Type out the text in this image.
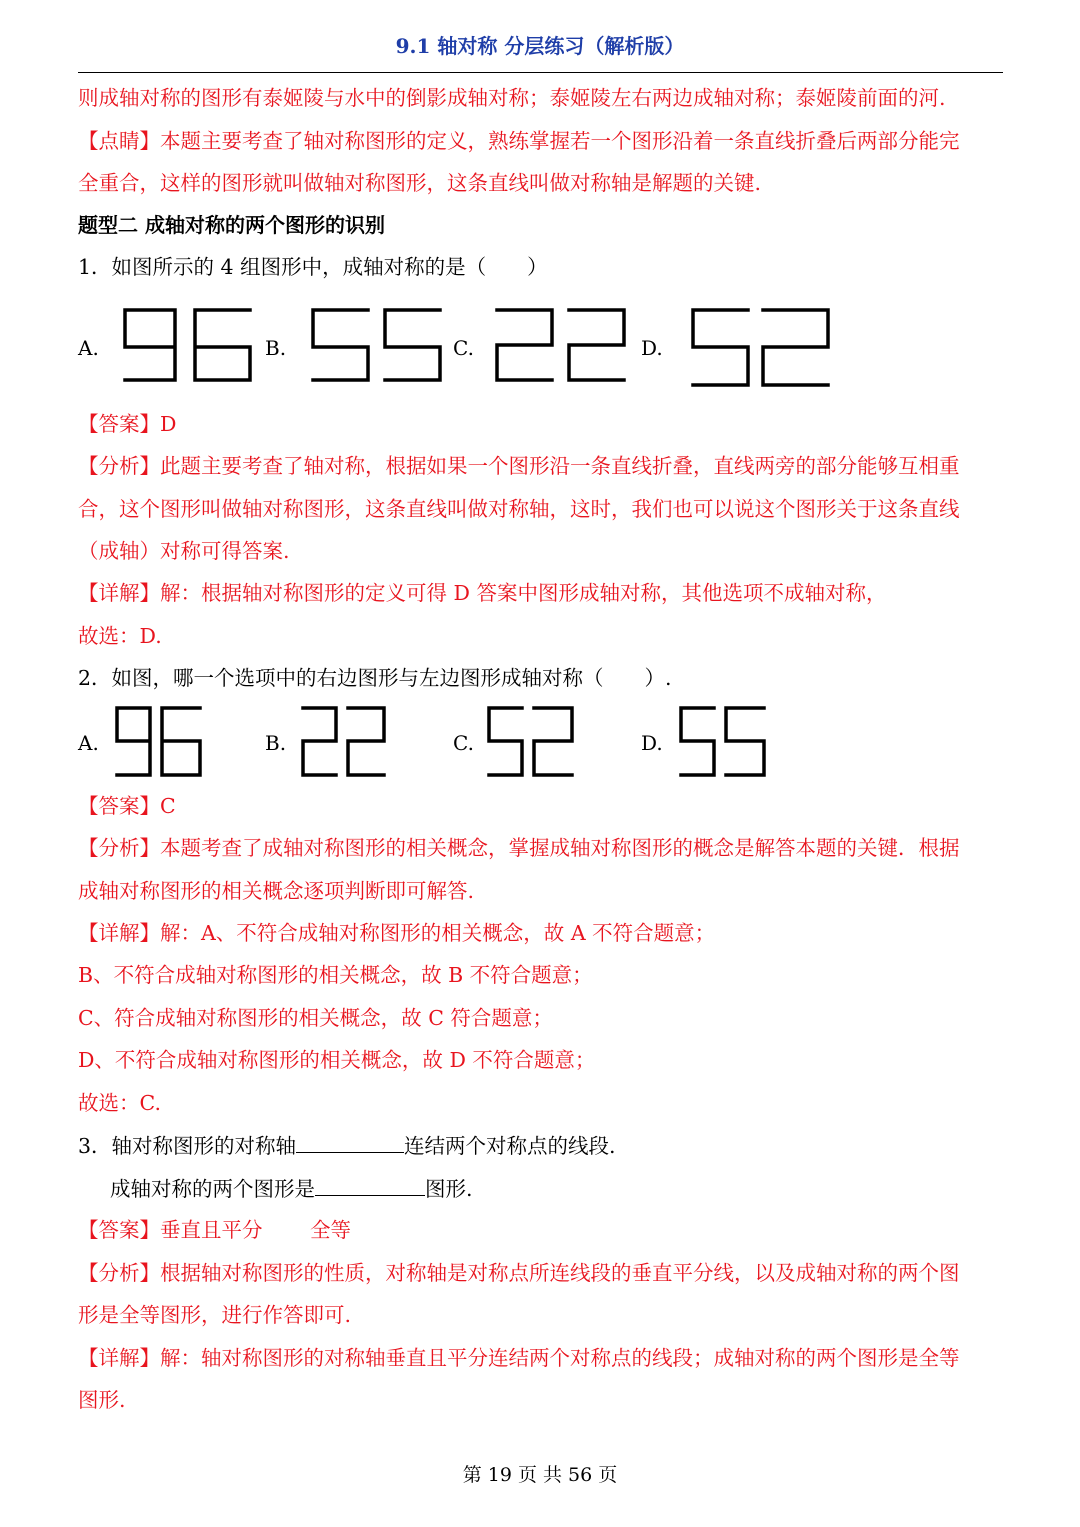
9.1 轴对称 分层练习（解析版）
则成轴对称的图形有泰姬陵与水中的倒影成轴对称；泰姬陵左右两边成轴对称；泰姬陵前面的河.
【点睛】本题主要考查了轴对称图形的定义，熟练掌握若一个图形沿着一条直线折叠后两部分能完
全重合，这样的图形就叫做轴对称图形，这条直线叫做对称轴是解题的关键.
题型二 成轴对称的两个图形的识别
1．如图所示的 4 组图形中，成轴对称的是（　　）
A.	B.	C.	D.
【答案】D
【分析】此题主要考查了轴对称，根据如果一个图形沿一条直线折叠，直线两旁的部分能够互相重
合，这个图形叫做轴对称图形，这条直线叫做对称轴，这时，我们也可以说这个图形关于这条直线
（成轴）对称可得答案.
【详解】解：根据轴对称图形的定义可得 D 答案中图形成轴对称，其他选项不成轴对称，
故选：D.
2．如图，哪一个选项中的右边图形与左边图形成轴对称（　　）.
A.	B.	C.	D.
【答案】C
【分析】本题考查了成轴对称图形的相关概念，掌握成轴对称图形的概念是解答本题的关键．根据
成轴对称图形的相关概念逐项判断即可解答.
【详解】解：A、不符合成轴对称图形的相关概念，故 A 不符合题意；
B、不符合成轴对称图形的相关概念，故 B 不符合题意；
C、符合成轴对称图形的相关概念，故 C 符合题意；
D、不符合成轴对称图形的相关概念，故 D 不符合题意；
故选：C.
3．轴对称图形的对称轴	连结两个对称点的线段.
成轴对称的两个图形是	图形.
【答案】垂直且平分　　 全等
【分析】根据轴对称图形的性质，对称轴是对称点所连线段的垂直平分线，以及成轴对称的两个图
形是全等图形，进行作答即可.
【详解】解：轴对称图形的对称轴垂直且平分连结两个对称点的线段；成轴对称的两个图形是全等
图形.
第 19 页 共 56 页
